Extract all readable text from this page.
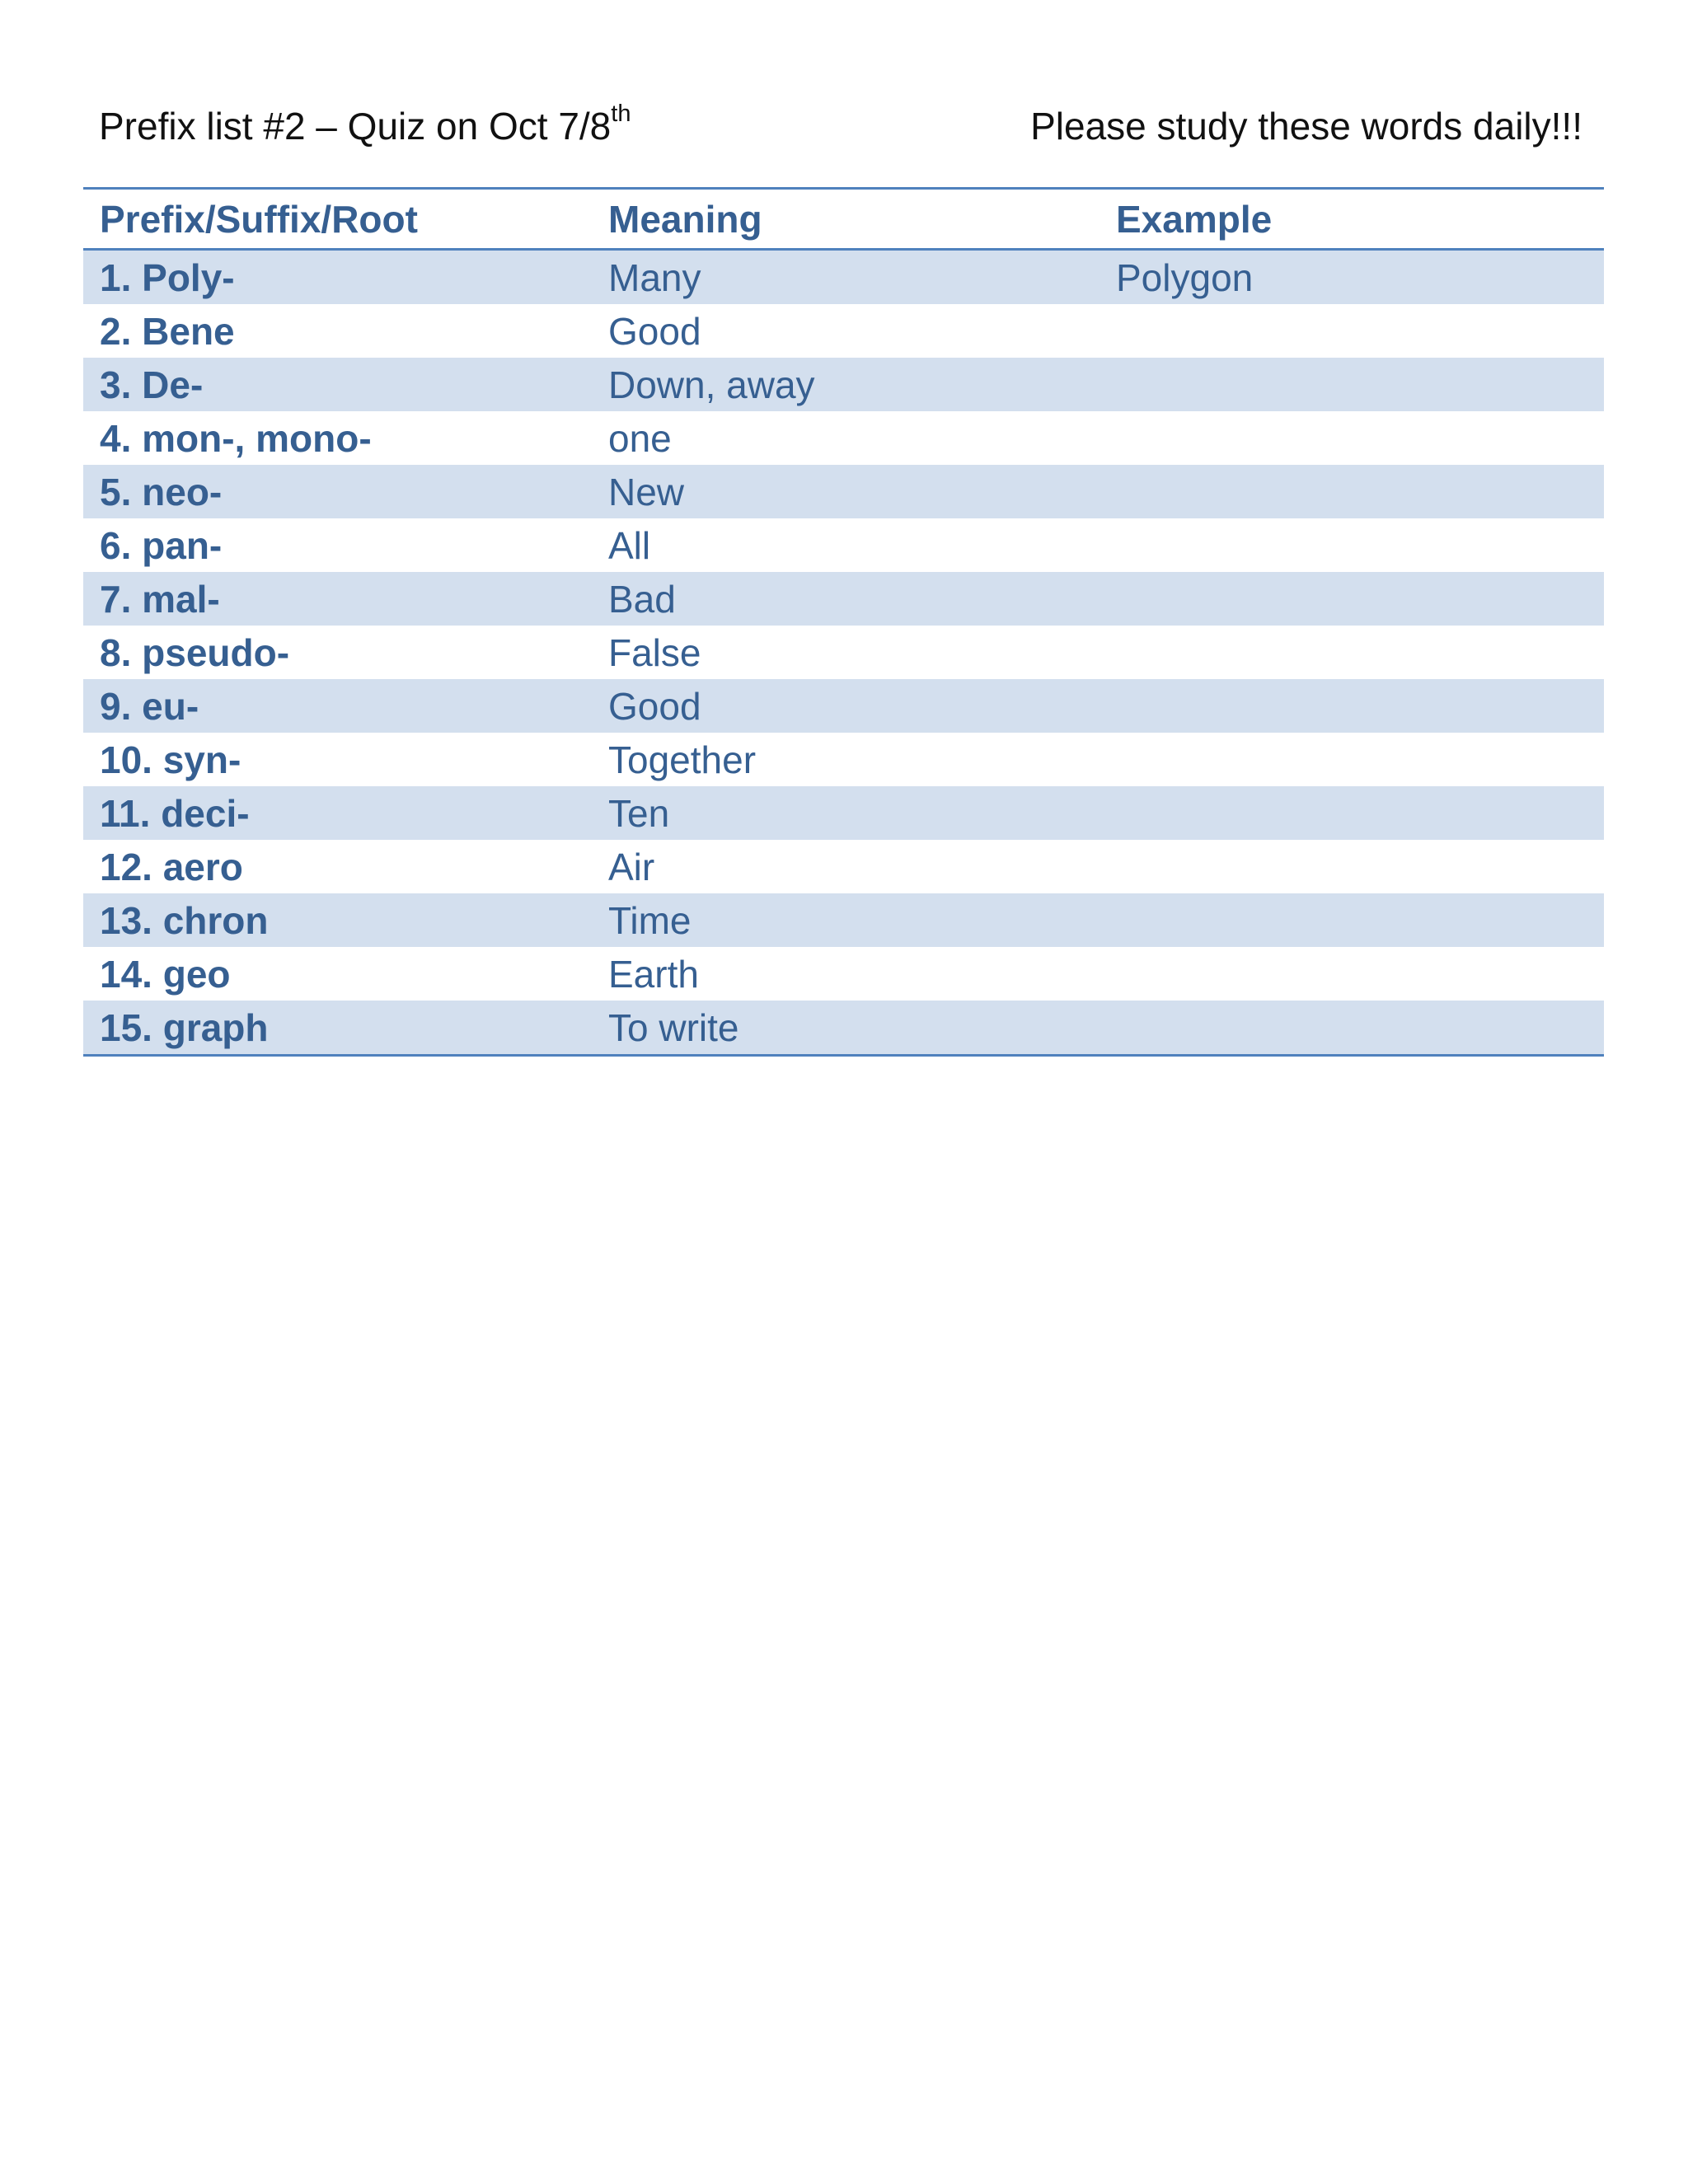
Prefix list #2 – Quiz on Oct 7/8th	Please study these words daily!!!
Prefix/Suffix/Root	Meaning	Example
1. Poly-	Many	Polygon
2. Bene	Good	
3. De-	Down, away	
4. mon-, mono-	one	
5. neo-	New	
6. pan-	All	
7. mal-	Bad	
8. pseudo-	False	
9. eu-	Good	
10. syn-	Together	
11. deci-	Ten	
12. aero	Air	
13. chron	Time	
14. geo	Earth	
15. graph	To write	
